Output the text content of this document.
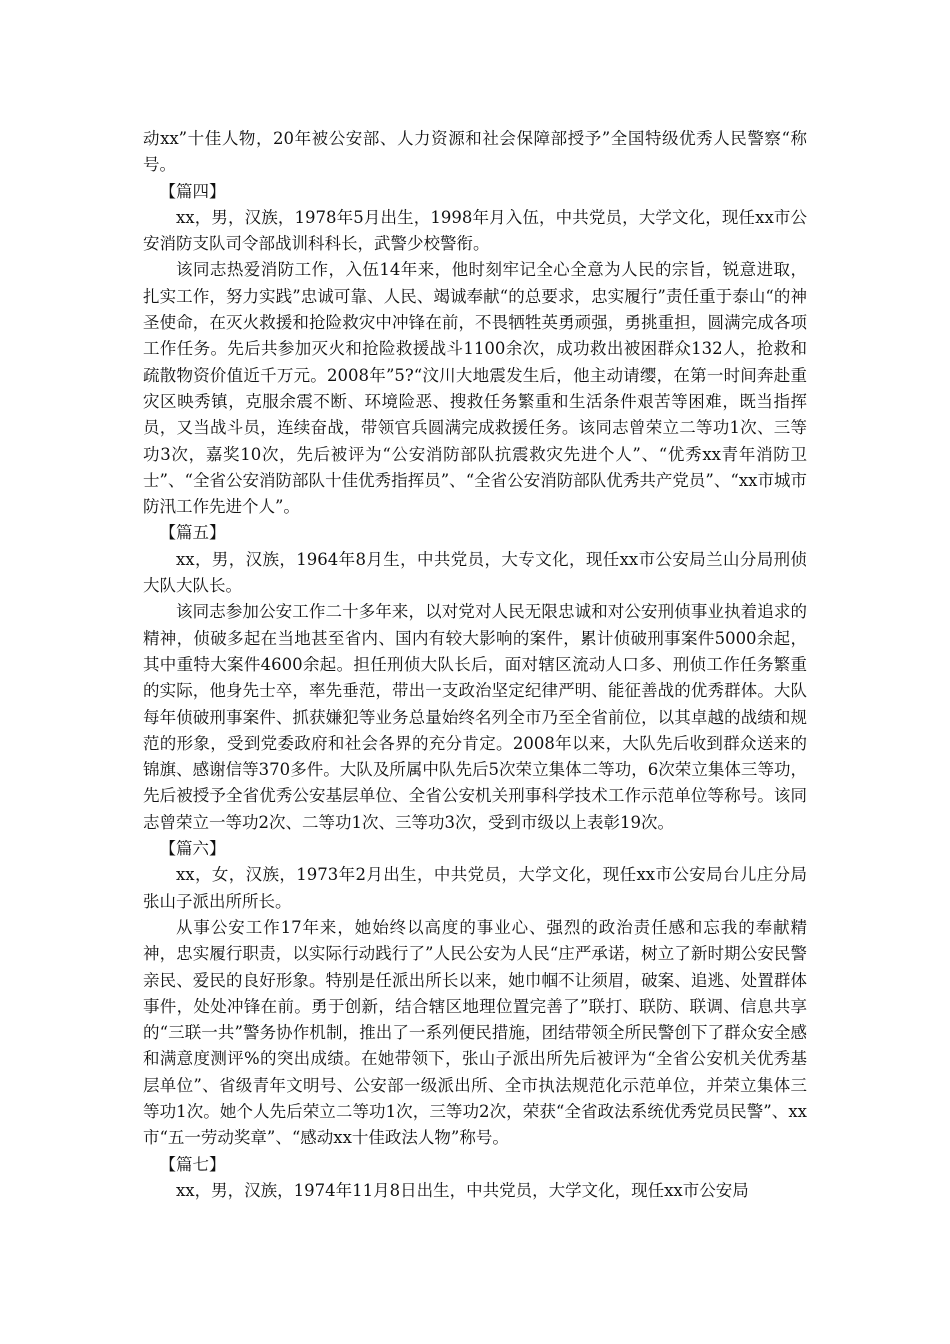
动xx”十佳人物，20年被公安部、人力资源和社会保障部授予”全国特级优秀人民警察“称号。

【篇四】

xx，男，汉族，1978年5月出生，1998年月入伍，中共党员，大学文化，现任xx市公安消防支队司令部战训科科长，武警少校警衔。

该同志热爱消防工作，入伍14年来，他时刻牢记全心全意为人民的宗旨，锐意进取，扎实工作，努力实践”忠诚可靠、人民、竭诚奉献“的总要求，忠实履行”责任重于泰山“的神圣使命，在灭火救援和抢险救灾中冲锋在前，不畏牺牲英勇顽强，勇挑重担，圆满完成各项工作任务。先后共参加灭火和抢险救援战斗1100余次，成功救出被困群众132人，抢救和疏散物资价值近千万元。2008年”5?“汶川大地震发生后，他主动请缨，在第一时间奔赴重灾区映秀镇，克服余震不断、环境险恶、搜救任务繁重和生活条件艰苦等困难，既当指挥员，又当战斗员，连续奋战，带领官兵圆满完成救援任务。该同志曾荣立二等功1次、三等功3次，嘉奖10次，先后被评为“公安消防部队抗震救灾先进个人”、“优秀xx青年消防卫士”、“全省公安消防部队十佳优秀指挥员”、“全省公安消防部队优秀共产党员”、“xx市城市防汛工作先进个人”。

【篇五】

xx，男，汉族，1964年8月生，中共党员，大专文化，现任xx市公安局兰山分局刑侦大队大队长。

该同志参加公安工作二十多年来，以对党对人民无限忠诚和对公安刑侦事业执着追求的精神，侦破多起在当地甚至省内、国内有较大影响的案件，累计侦破刑事案件5000余起，其中重特大案件4600余起。担任刑侦大队长后，面对辖区流动人口多、刑侦工作任务繁重的实际，他身先士卒，率先垂范，带出一支政治坚定纪律严明、能征善战的优秀群体。大队每年侦破刑事案件、抓获嫌犯等业务总量始终名列全市乃至全省前位，以其卓越的战绩和规范的形象，受到党委政府和社会各界的充分肯定。2008年以来，大队先后收到群众送来的锦旗、感谢信等370多件。大队及所属中队先后5次荣立集体二等功，6次荣立集体三等功，先后被授予全省优秀公安基层单位、全省公安机关刑事科学技术工作示范单位等称号。该同志曾荣立一等功2次、二等功1次、三等功3次，受到市级以上表彰19次。

【篇六】

xx，女，汉族，1973年2月出生，中共党员，大学文化，现任xx市公安局台儿庄分局张山子派出所所长。

从事公安工作17年来，她始终以高度的事业心、强烈的政治责任感和忘我的奉献精神，忠实履行职责，以实际行动践行了”人民公安为人民“庄严承诺，树立了新时期公安民警亲民、爱民的良好形象。特别是任派出所长以来，她巾帼不让须眉，破案、追逃、处置群体事件，处处冲锋在前。勇于创新，结合辖区地理位置完善了”联打、联防、联调、信息共享的“三联一共”警务协作机制，推出了一系列便民措施，团结带领全所民警创下了群众安全感和满意度测评%的突出成绩。在她带领下，张山子派出所先后被评为“全省公安机关优秀基层单位”、省级青年文明号、公安部一级派出所、全市执法规范化示范单位，并荣立集体三等功1次。她个人先后荣立二等功1次，三等功2次，荣获“全省政法系统优秀党员民警”、xx市“五一劳动奖章”、“感动xx十佳政法人物”称号。

【篇七】

xx，男，汉族，1974年11月8日出生，中共党员，大学文化，现任xx市公安局
